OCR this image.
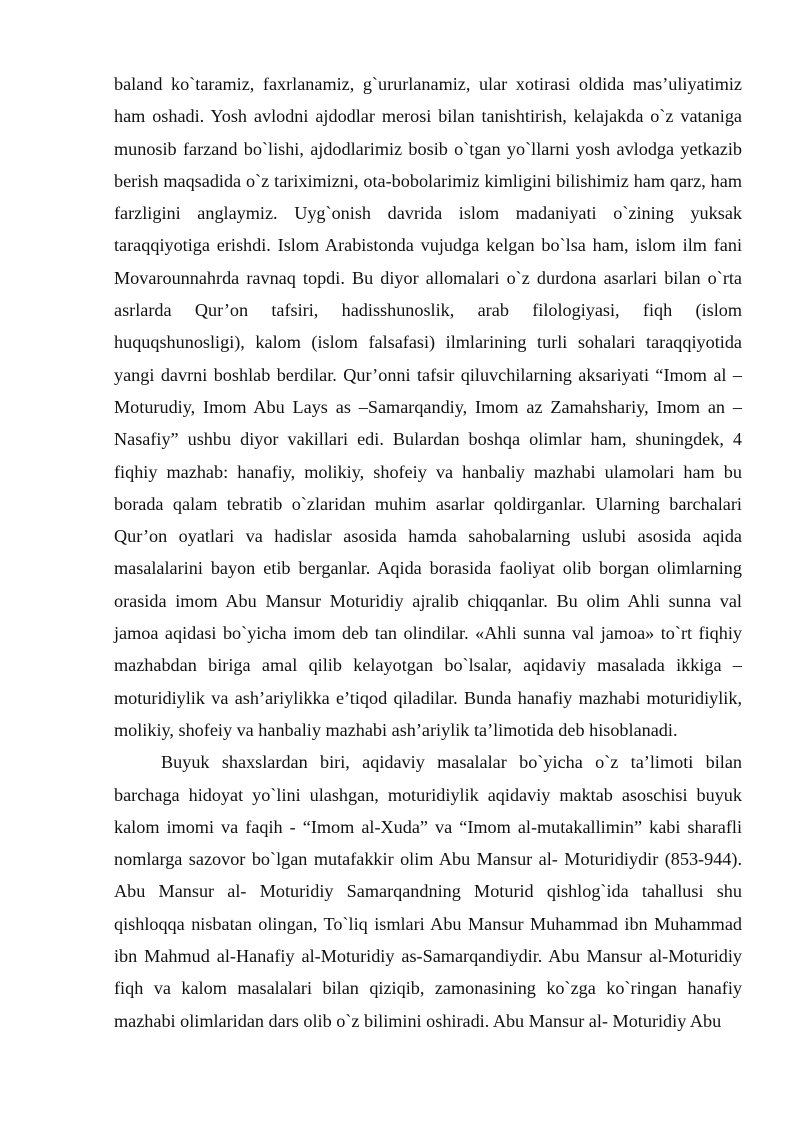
baland ko`taramiz, faxrlanamiz, g`ururlanamiz, ular xotirasi oldida mas’uliyatimiz ham oshadi. Yosh avlodni ajdodlar merosi bilan tanishtirish, kelajakda o`z vataniga munosib farzand bo`lishi, ajdodlarimiz bosib o`tgan yo`llarni yosh avlodga yetkazib berish maqsadida o`z tariximizni, ota-bobolarimiz kimligini bilishimiz ham qarz, ham farzligini anglaymiz. Uyg`onish davrida islom madaniyati o`zining yuksak taraqqiyotiga erishdi. Islom Arabistonda vujudga kelgan bo`lsa ham, islom ilm fani Movarounnahrda ravnaq topdi. Bu diyor allomalari o`z durdona asarlari bilan o`rta asrlarda Qur’on tafsiri, hadisshunoslik, arab filologiyasi, fiqh (islom huquqshunosligi), kalom (islom falsafasi) ilmlarining turli sohalari taraqqiyotida yangi davrni boshlab berdilar. Qur’onni tafsir qiluvchilarning aksariyati “Imom al – Moturudiy, Imom Abu Lays as –Samarqandiy, Imom az Zamahshariy, Imom an – Nasafiy” ushbu diyor vakillari edi. Bulardan boshqa olimlar ham, shuningdek, 4 fiqhiy mazhab: hanafiy, molikiy, shofeiy va hanbaliy mazhabi ulamolari ham bu borada qalam tebratib o`zlaridan muhim asarlar qoldirganlar. Ularning barchalari Qur’on oyatlari va hadislar asosida hamda sahobalarning uslubi asosida aqida masalalarini bayon etib berganlar. Aqida borasida faoliyat olib borgan olimlarning orasida imom Abu Mansur Moturidiy ajralib chiqqanlar. Bu olim Ahli sunna val jamoa aqidasi bo`yicha imom deb tan olindilar. «Ahli sunna val jamoa» to`rt fiqhiy mazhabdan biriga amal qilib kelayotgan bo`lsalar, aqidaviy masalada ikkiga – moturidiylik va ash’ariylikka e’tiqod qiladilar. Bunda hanafiy mazhabi moturidiylik, molikiy, shofeiy va hanbaliy mazhabi ash’ariylik ta’limotida deb hisoblanadi.

Buyuk shaxslardan biri, aqidaviy masalalar bo`yicha o`z ta’limoti bilan barchaga hidoyat yo`lini ulashgan, moturidiylik aqidaviy maktab asoschisi buyuk kalom imomi va faqih - “Imom al-Xuda” va “Imom al-mutakallimin” kabi sharafli nomlarga sazovor bo`lgan mutafakkir olim Abu Mansur al- Moturidiydir (853-944). Abu Mansur al- Moturidiy Samarqandning Moturid qishlog`ida tahallusi shu qishloqqa nisbatan olingan, To`liq ismlari Abu Mansur Muhammad ibn Muhammad ibn Mahmud al-Hanafiy al-Moturidiy as-Samarqandiydir. Abu Mansur al-Moturidiy fiqh va kalom masalalari bilan qiziqib, zamonasining ko`zga ko`ringan hanafiy mazhabi olimlaridan dars olib o`z bilimini oshiradi. Abu Mansur al- Moturidiy Abu
